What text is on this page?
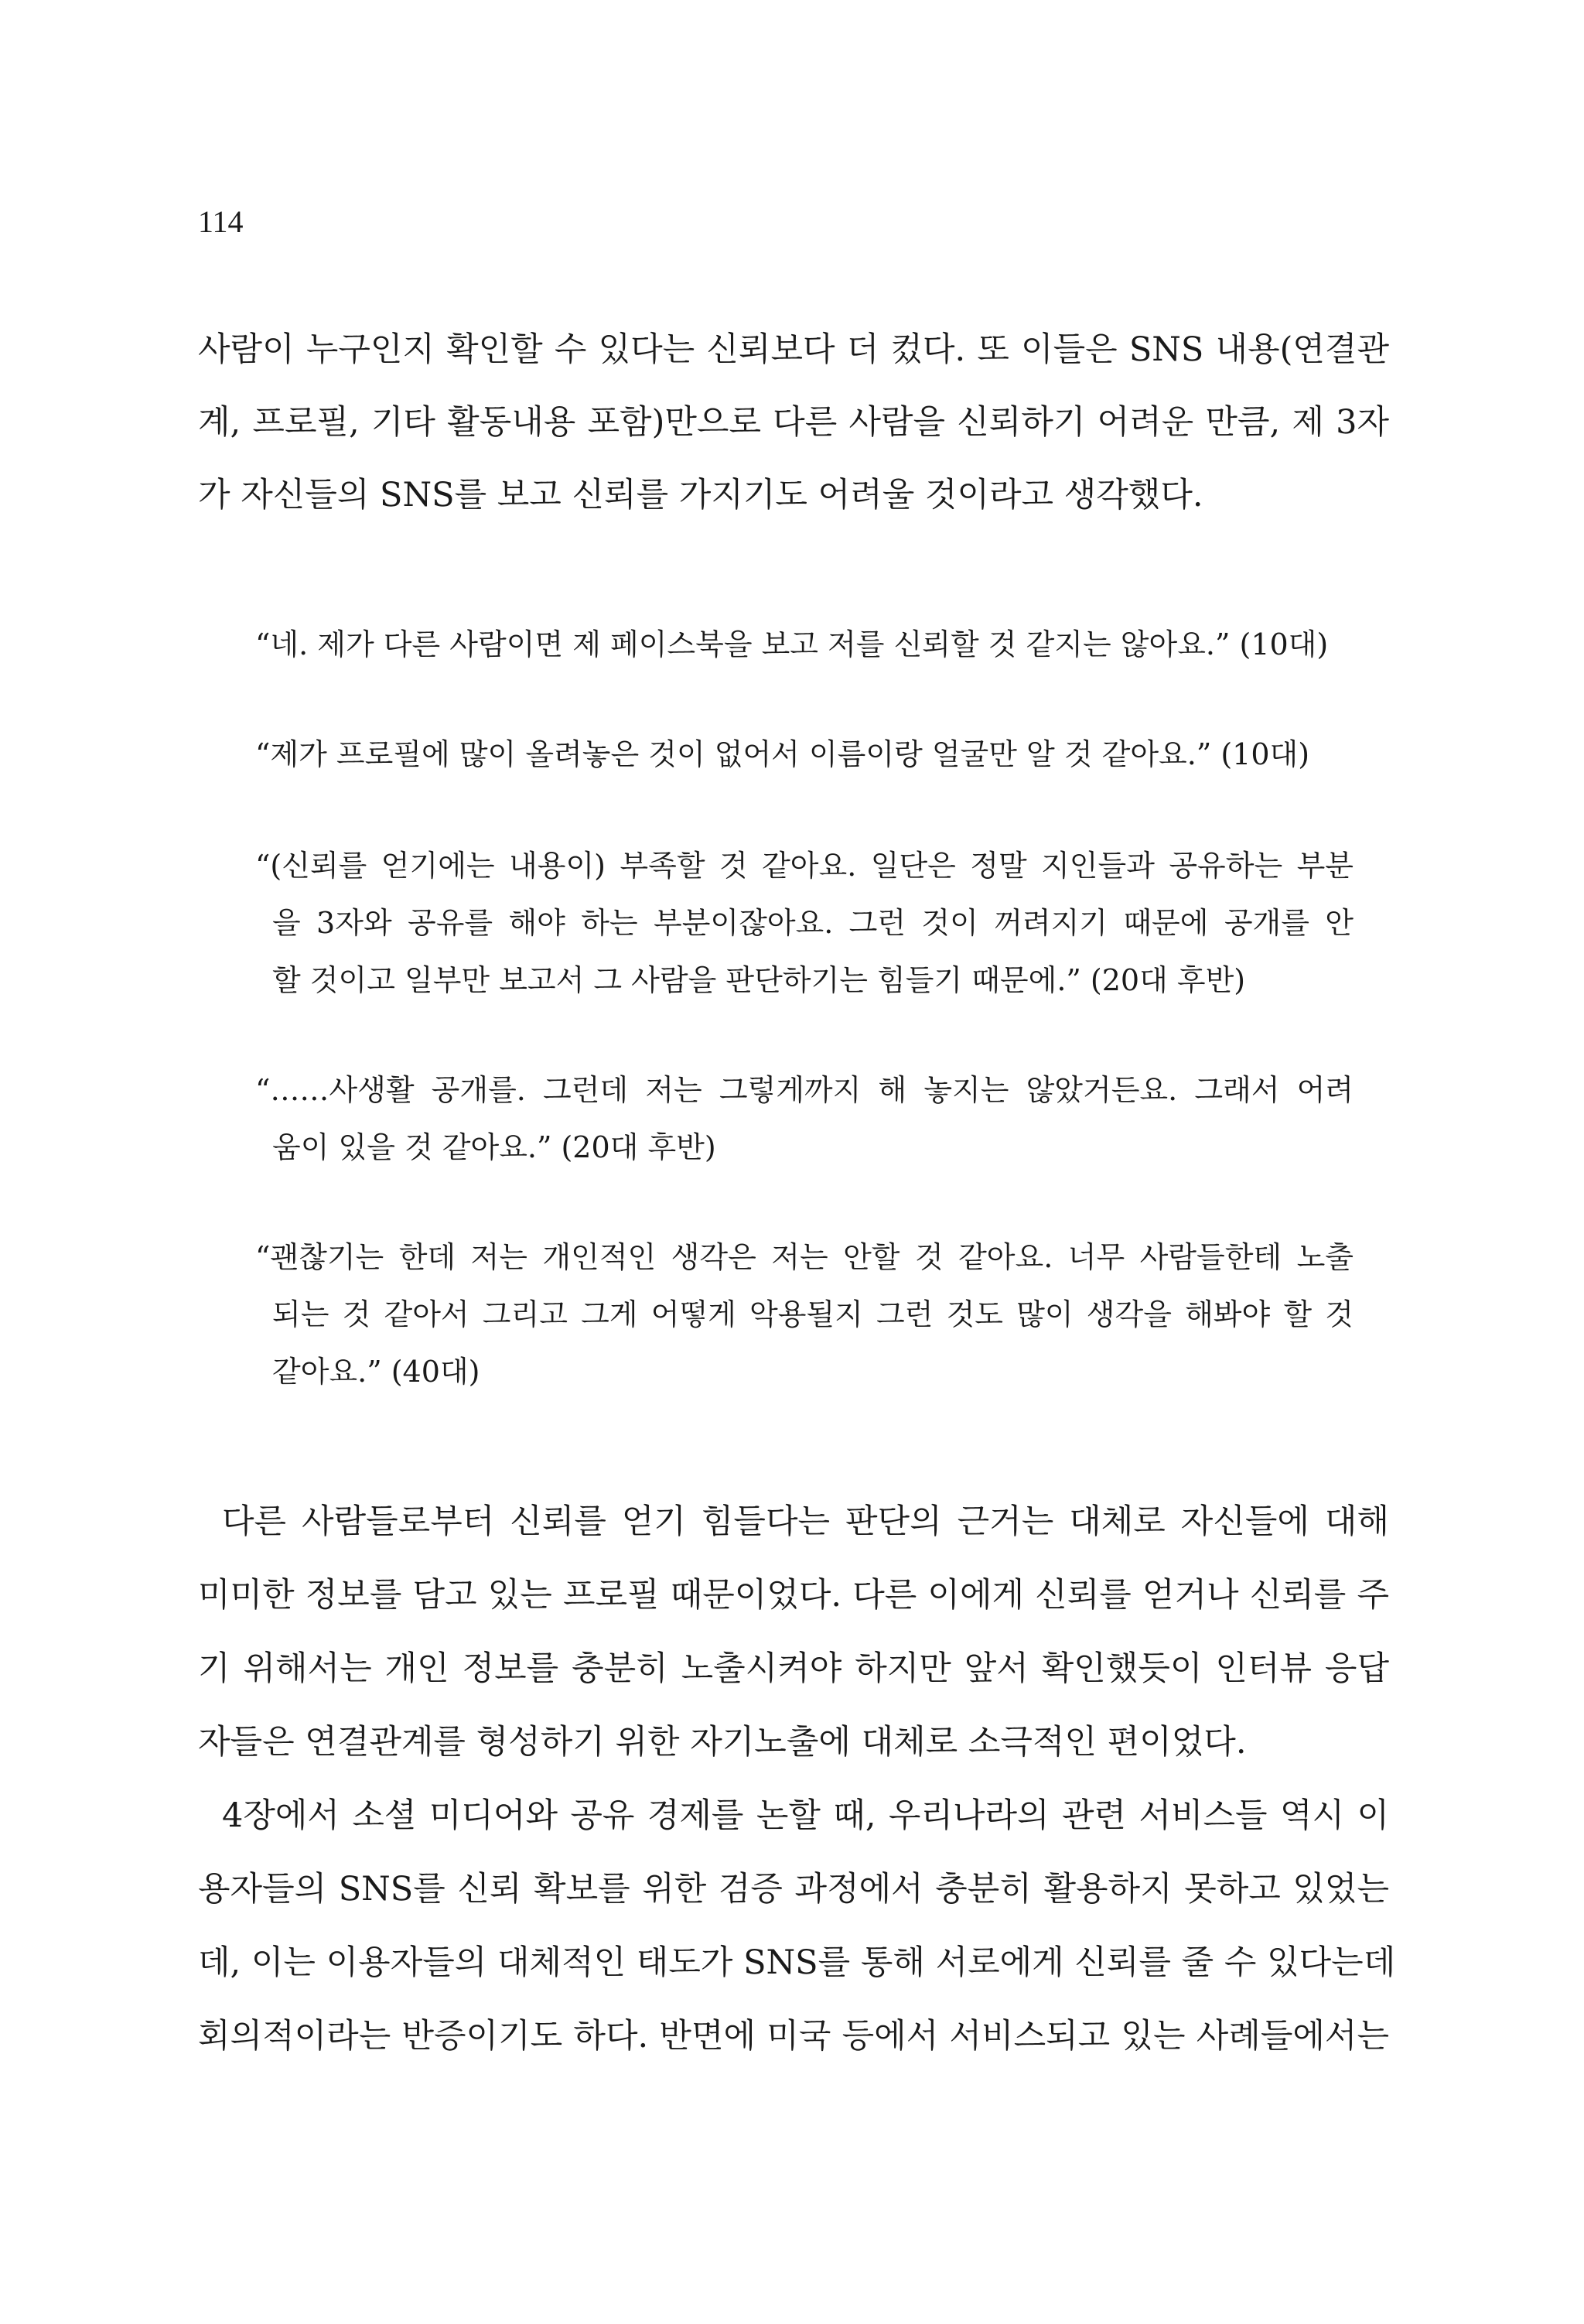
114

사람이 누구인지 확인할 수 있다는 신뢰보다 더 컸다. 또 이들은 SNS 내용(연결관

계, 프로필, 기타 활동내용 포함)만으로 다른 사람을 신뢰하기 어려운 만큼, 제 3자

가 자신들의 SNS를 보고 신뢰를 가지기도 어려울 것이라고 생각했다.

“네. 제가 다른 사람이면 제 페이스북을 보고 저를 신뢰할 것 같지는 않아요.” (10대)

“제가 프로필에 많이 올려놓은 것이 없어서 이름이랑 얼굴만 알 것 같아요.” (10대)

“(신뢰를 얻기에는 내용이) 부족할 것 같아요. 일단은 정말 지인들과 공유하는 부분

을 3자와 공유를 해야 하는 부분이잖아요. 그런 것이 꺼려지기 때문에 공개를 안

할 것이고 일부만 보고서 그 사람을 판단하기는 힘들기 때문에.” (20대 후반)

“……사생활 공개를. 그런데 저는 그렇게까지 해 놓지는 않았거든요. 그래서 어려

움이 있을 것 같아요.” (20대 후반)

“괜찮기는 한데 저는 개인적인 생각은 저는 안할 것 같아요. 너무 사람들한테 노출

되는 것 같아서 그리고 그게 어떻게 악용될지 그런 것도 많이 생각을 해봐야 할 것

같아요.” (40대)

다른 사람들로부터 신뢰를 얻기 힘들다는 판단의 근거는 대체로 자신들에 대해

미미한 정보를 담고 있는 프로필 때문이었다. 다른 이에게 신뢰를 얻거나 신뢰를 주

기 위해서는 개인 정보를 충분히 노출시켜야 하지만 앞서 확인했듯이 인터뷰 응답

자들은 연결관계를 형성하기 위한 자기노출에 대체로 소극적인 편이었다.

4장에서 소셜 미디어와 공유 경제를 논할 때, 우리나라의 관련 서비스들 역시 이

용자들의 SNS를 신뢰 확보를 위한 검증 과정에서 충분히 활용하지 못하고 있었는

데, 이는 이용자들의 대체적인 태도가 SNS를 통해 서로에게 신뢰를 줄 수 있다는데

회의적이라는 반증이기도 하다. 반면에 미국 등에서 서비스되고 있는 사례들에서는
